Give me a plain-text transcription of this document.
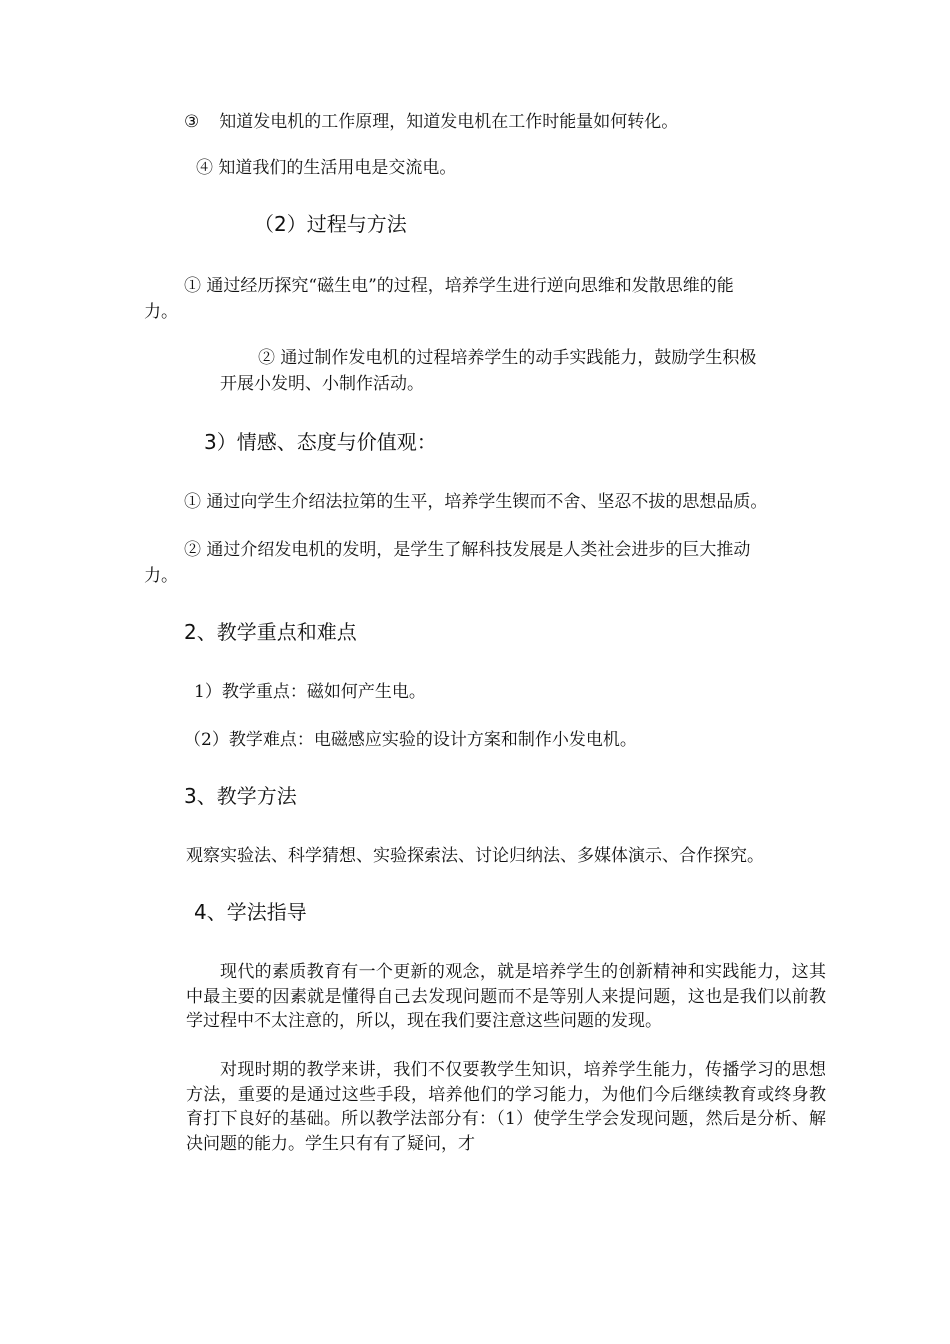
③ 知道发电机的工作原理，知道发电机在工作时能量如何转化。
④ 知道我们的生活用电是交流电。
（2）过程与方法
① 通过经历探究“磁生电”的过程，培养学生进行逆向思维和发散思维的能
力。
② 通过制作发电机的过程培养学生的动手实践能力，鼓励学生积极
开展小发明、小制作活动。
3）情感、态度与价值观：
① 通过向学生介绍法拉第的生平，培养学生锲而不舍、坚忍不拔的思想品质。
② 通过介绍发电机的发明，是学生了解科技发展是人类社会进步的巨大推动
力。
2、教学重点和难点
1）教学重点：磁如何产生电。
（2）教学难点：电磁感应实验的设计方案和制作小发电机。
3、教学方法
观察实验法、科学猜想、实验探索法、讨论归纳法、多媒体演示、合作探究。
4、学法指导
现代的素质教育有一个更新的观念，就是培养学生的创新精神和实践能力，这其中最主要的因素就是懂得自己去发现问题而不是等别人来提问题，这也是我们以前教学过程中不太注意的，所以，现在我们要注意这些问题的发现。
对现时期的教学来讲，我们不仅要教学生知识，培养学生能力，传播学习的思想方法，重要的是通过这些手段，培养他们的学习能力，为他们今后继续教育或终身教育打下良好的基础。所以教学法部分有：（1）使学生学会发现问题，然后是分析、解决问题的能力。学生只有有了疑问，才
